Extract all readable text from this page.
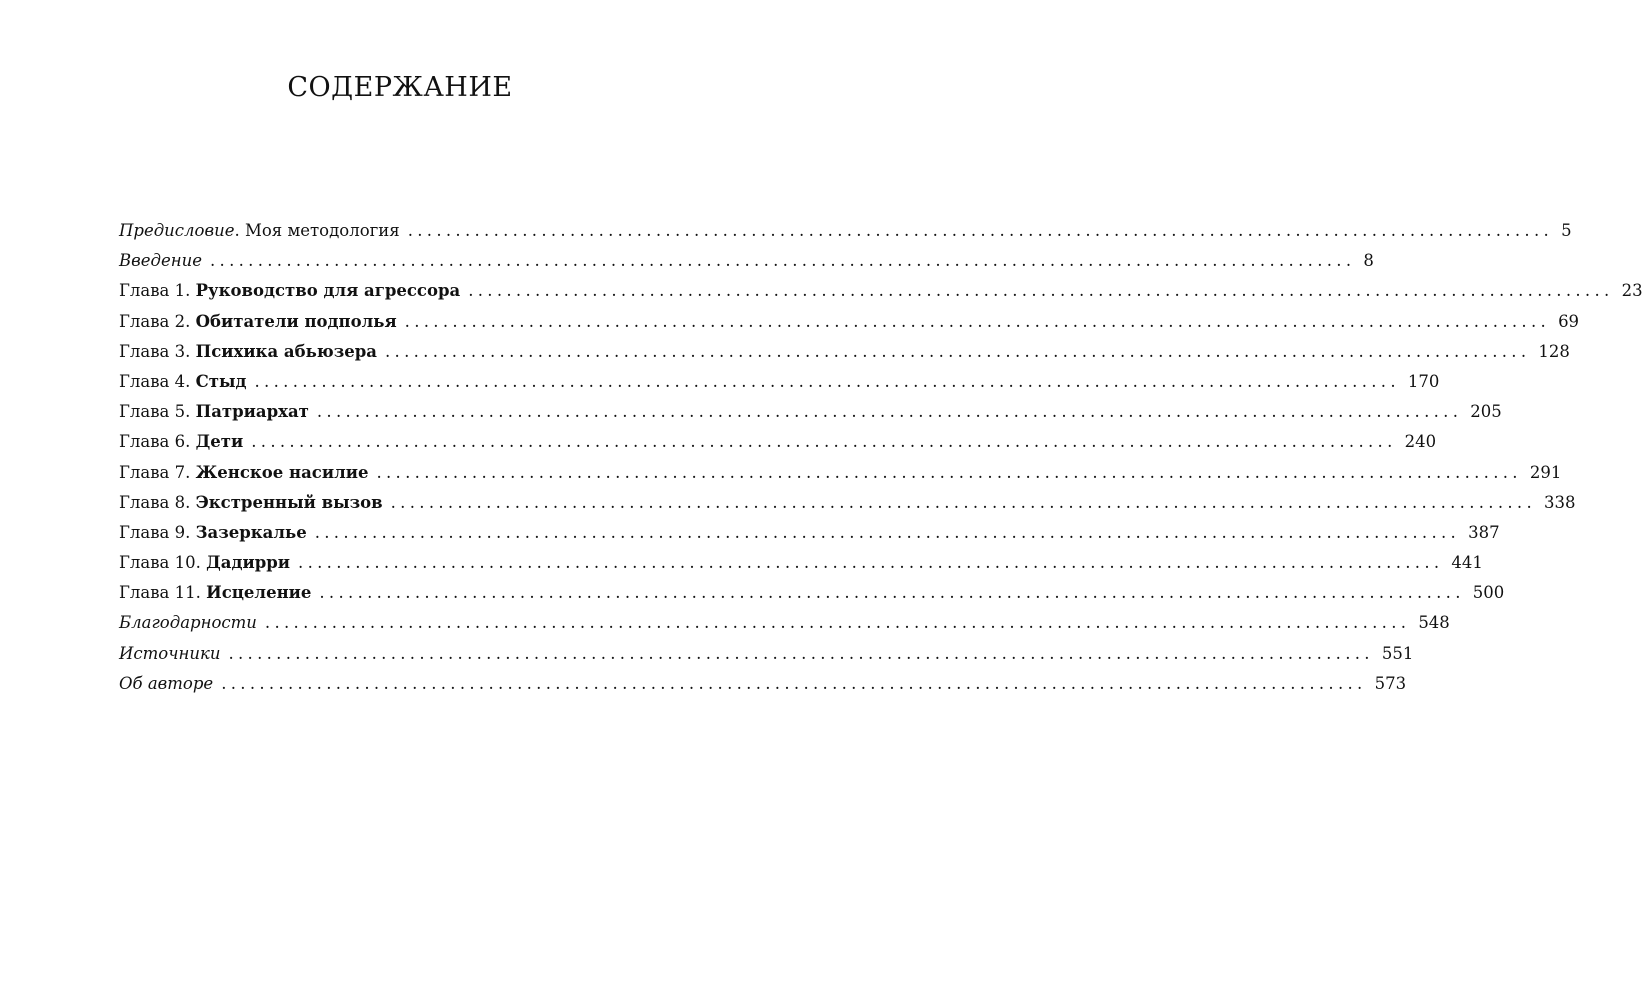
СОДЕРЖАНИЕ
Предисловие. Моя методология ........................................................................................................................ 5
Введение ........................................................................................................................ 8
Глава 1. Руководство для агрессора ........................................................................................................................ 23
Глава 2. Обитатели подполья ........................................................................................................................ 69
Глава 3. Психика абьюзера ........................................................................................................................ 128
Глава 4. Стыд ........................................................................................................................ 170
Глава 5. Патриархат ........................................................................................................................ 205
Глава 6. Дети ........................................................................................................................ 240
Глава 7. Женское насилие ........................................................................................................................ 291
Глава 8. Экстренный вызов ........................................................................................................................ 338
Глава 9. Зазеркалье ........................................................................................................................ 387
Глава 10. Дадирри ........................................................................................................................ 441
Глава 11. Исцеление ........................................................................................................................ 500
Благодарности ........................................................................................................................ 548
Источники ........................................................................................................................ 551
Об авторе ........................................................................................................................ 573
